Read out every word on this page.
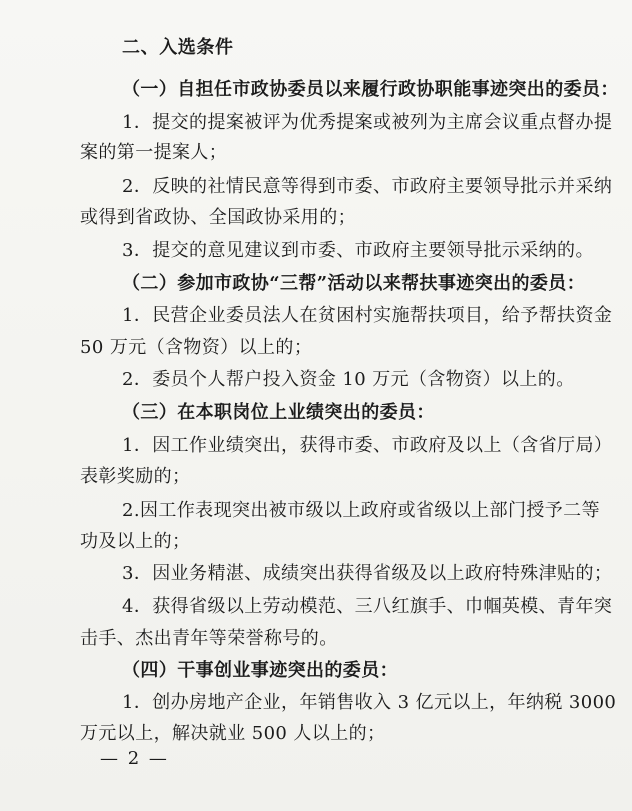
二、入选条件
（一）自担任市政协委员以来履行政协职能事迹突出的委员：
1．提交的提案被评为优秀提案或被列为主席会议重点督办提
案的第一提案人；
2．反映的社情民意等得到市委、市政府主要领导批示并采纳
或得到省政协、全国政协采用的；
3．提交的意见建议到市委、市政府主要领导批示采纳的。
（二）参加市政协“三帮”活动以来帮扶事迹突出的委员：
1．民营企业委员法人在贫困村实施帮扶项目，给予帮扶资金
50 万元（含物资）以上的；
2．委员个人帮户投入资金 10 万元（含物资）以上的。
（三）在本职岗位上业绩突出的委员：
1．因工作业绩突出，获得市委、市政府及以上（含省厅局）
表彰奖励的；
2.因工作表现突出被市级以上政府或省级以上部门授予二等
功及以上的；
3．因业务精湛、成绩突出获得省级及以上政府特殊津贴的；
4．获得省级以上劳动模范、三八红旗手、巾帼英模、青年突
击手、杰出青年等荣誉称号的。
（四）干事创业事迹突出的委员：
1．创办房地产企业，年销售收入 3 亿元以上，年纳税 3000
万元以上，解决就业 500 人以上的；
— 2 —
